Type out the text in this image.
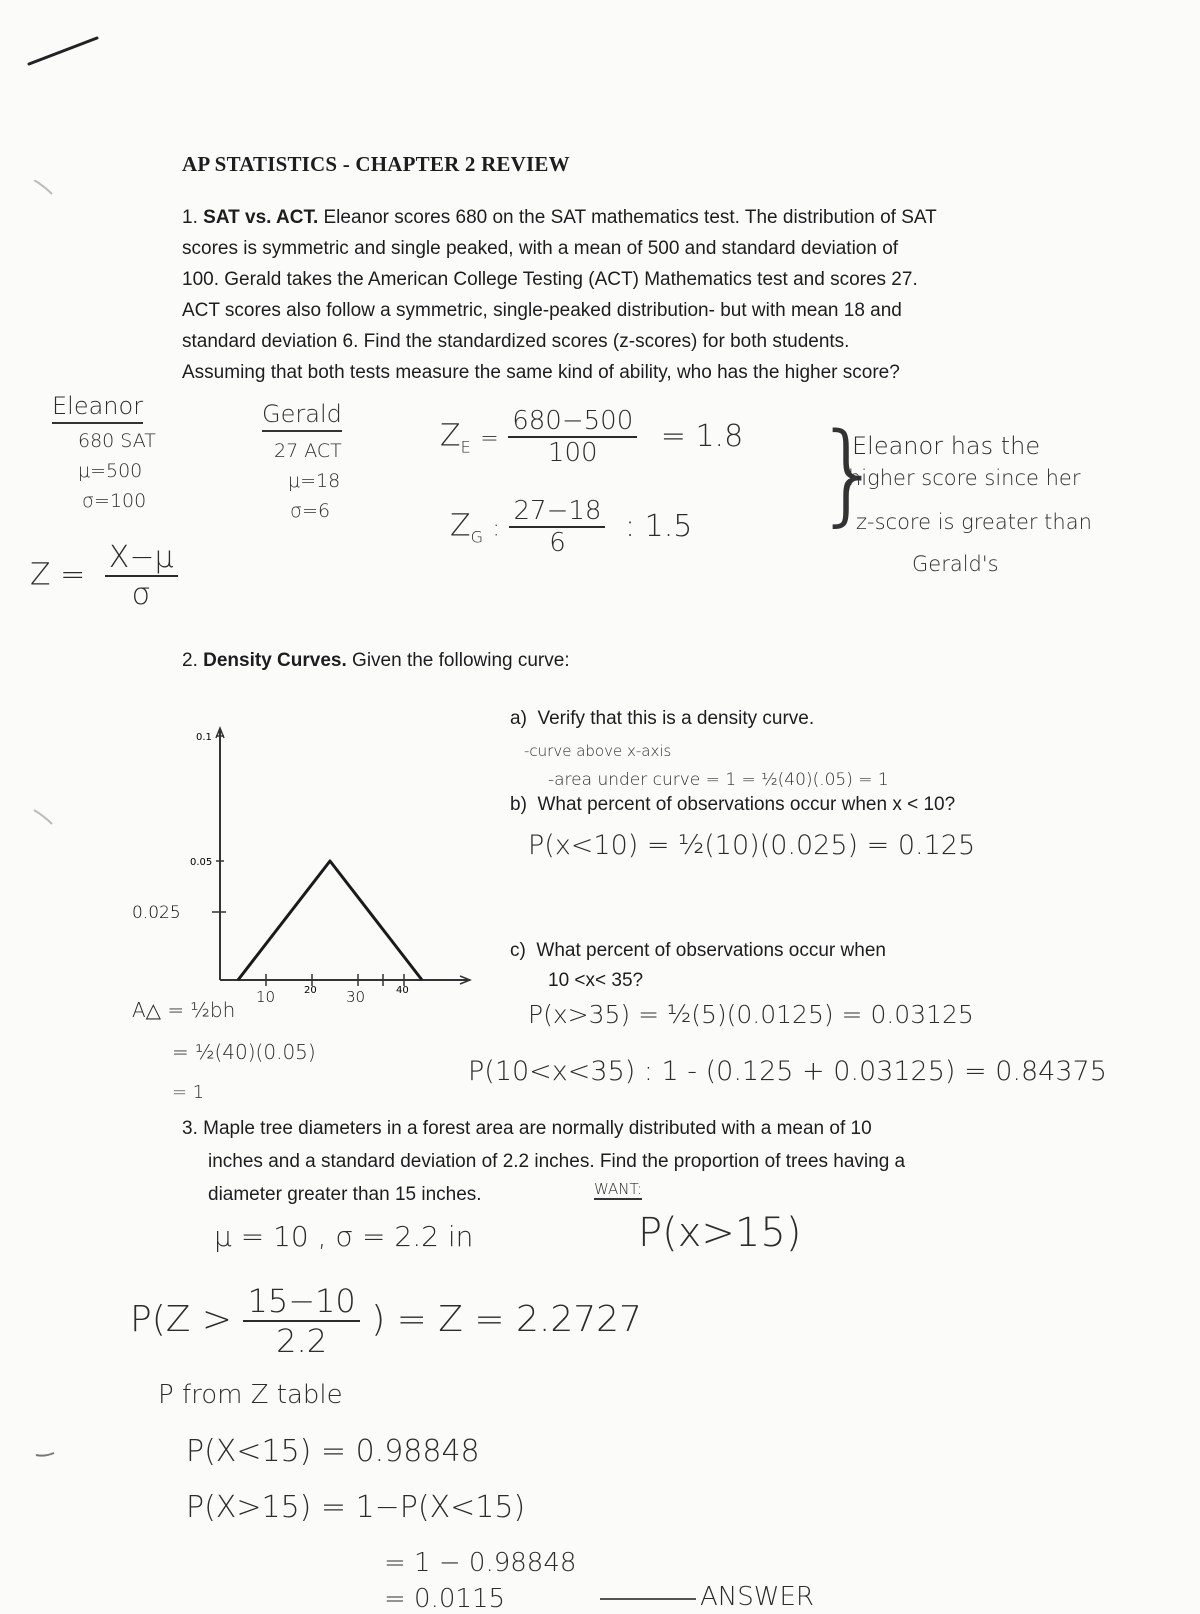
AP STATISTICS - CHAPTER 2 REVIEW
1. SAT vs. ACT. Eleanor scores 680 on the SAT mathematics test. The distribution of SAT
scores is symmetric and single peaked, with a mean of 500 and standard deviation of
100. Gerald takes the American College Testing (ACT) Mathematics test and scores 27.
ACT scores also follow a symmetric, single-peaked distribution- but with mean 18 and
standard deviation 6. Find the standardized scores (z-scores) for both students.
Assuming that both tests measure the same kind of ability, who has the higher score?
Eleanor
680 SAT
μ=500
σ=100
Gerald
27 ACT
μ=18
σ=6
$Z = \frac{X-\mu}{\sigma}$
$Z_E = \frac{680-500}{100} = 1.8$
$Z_G$ : $\frac{27-18}{6}$ : 1.5 }
Eleanor has the
higher score since her
z-score is greater than
Gerald's
2. Density Curves. Given the following curve:
0.1
0.05
0.025
10	20 30	40
A△ = ½bh
= ½(40)(0.05)
= 1
a) Verify that this is a density curve.
-curve above x-axis
-area under curve = 1 = ½(40)(.05) = 1
b) What percent of observations occur when x < 10?
P(x<10) = ½(10)(0.025) = 0.125
c) What percent of observations occur when
10 <x< 35?
P(x>35) = ½(5)(0.0125) = 0.03125
P(10<x<35) : 1 - (0.125 + 0.03125) = 0.84375
3. Maple tree diameters in a forest area are normally distributed with a mean of 10
inches and a standard deviation of 2.2 inches. Find the proportion of trees having a
diameter greater than 15 inches.	WANT:
P(x>15)
μ = 10 , σ = 2.2 in
$P(Z > \frac{15-10}{2.2}$ ) = Z = 2.2727
P from Z table
P(X<15) = 0.98848
P(X>15) = 1−P(X<15)
= 1 − 0.98848
= 0.0115	ANSWER
